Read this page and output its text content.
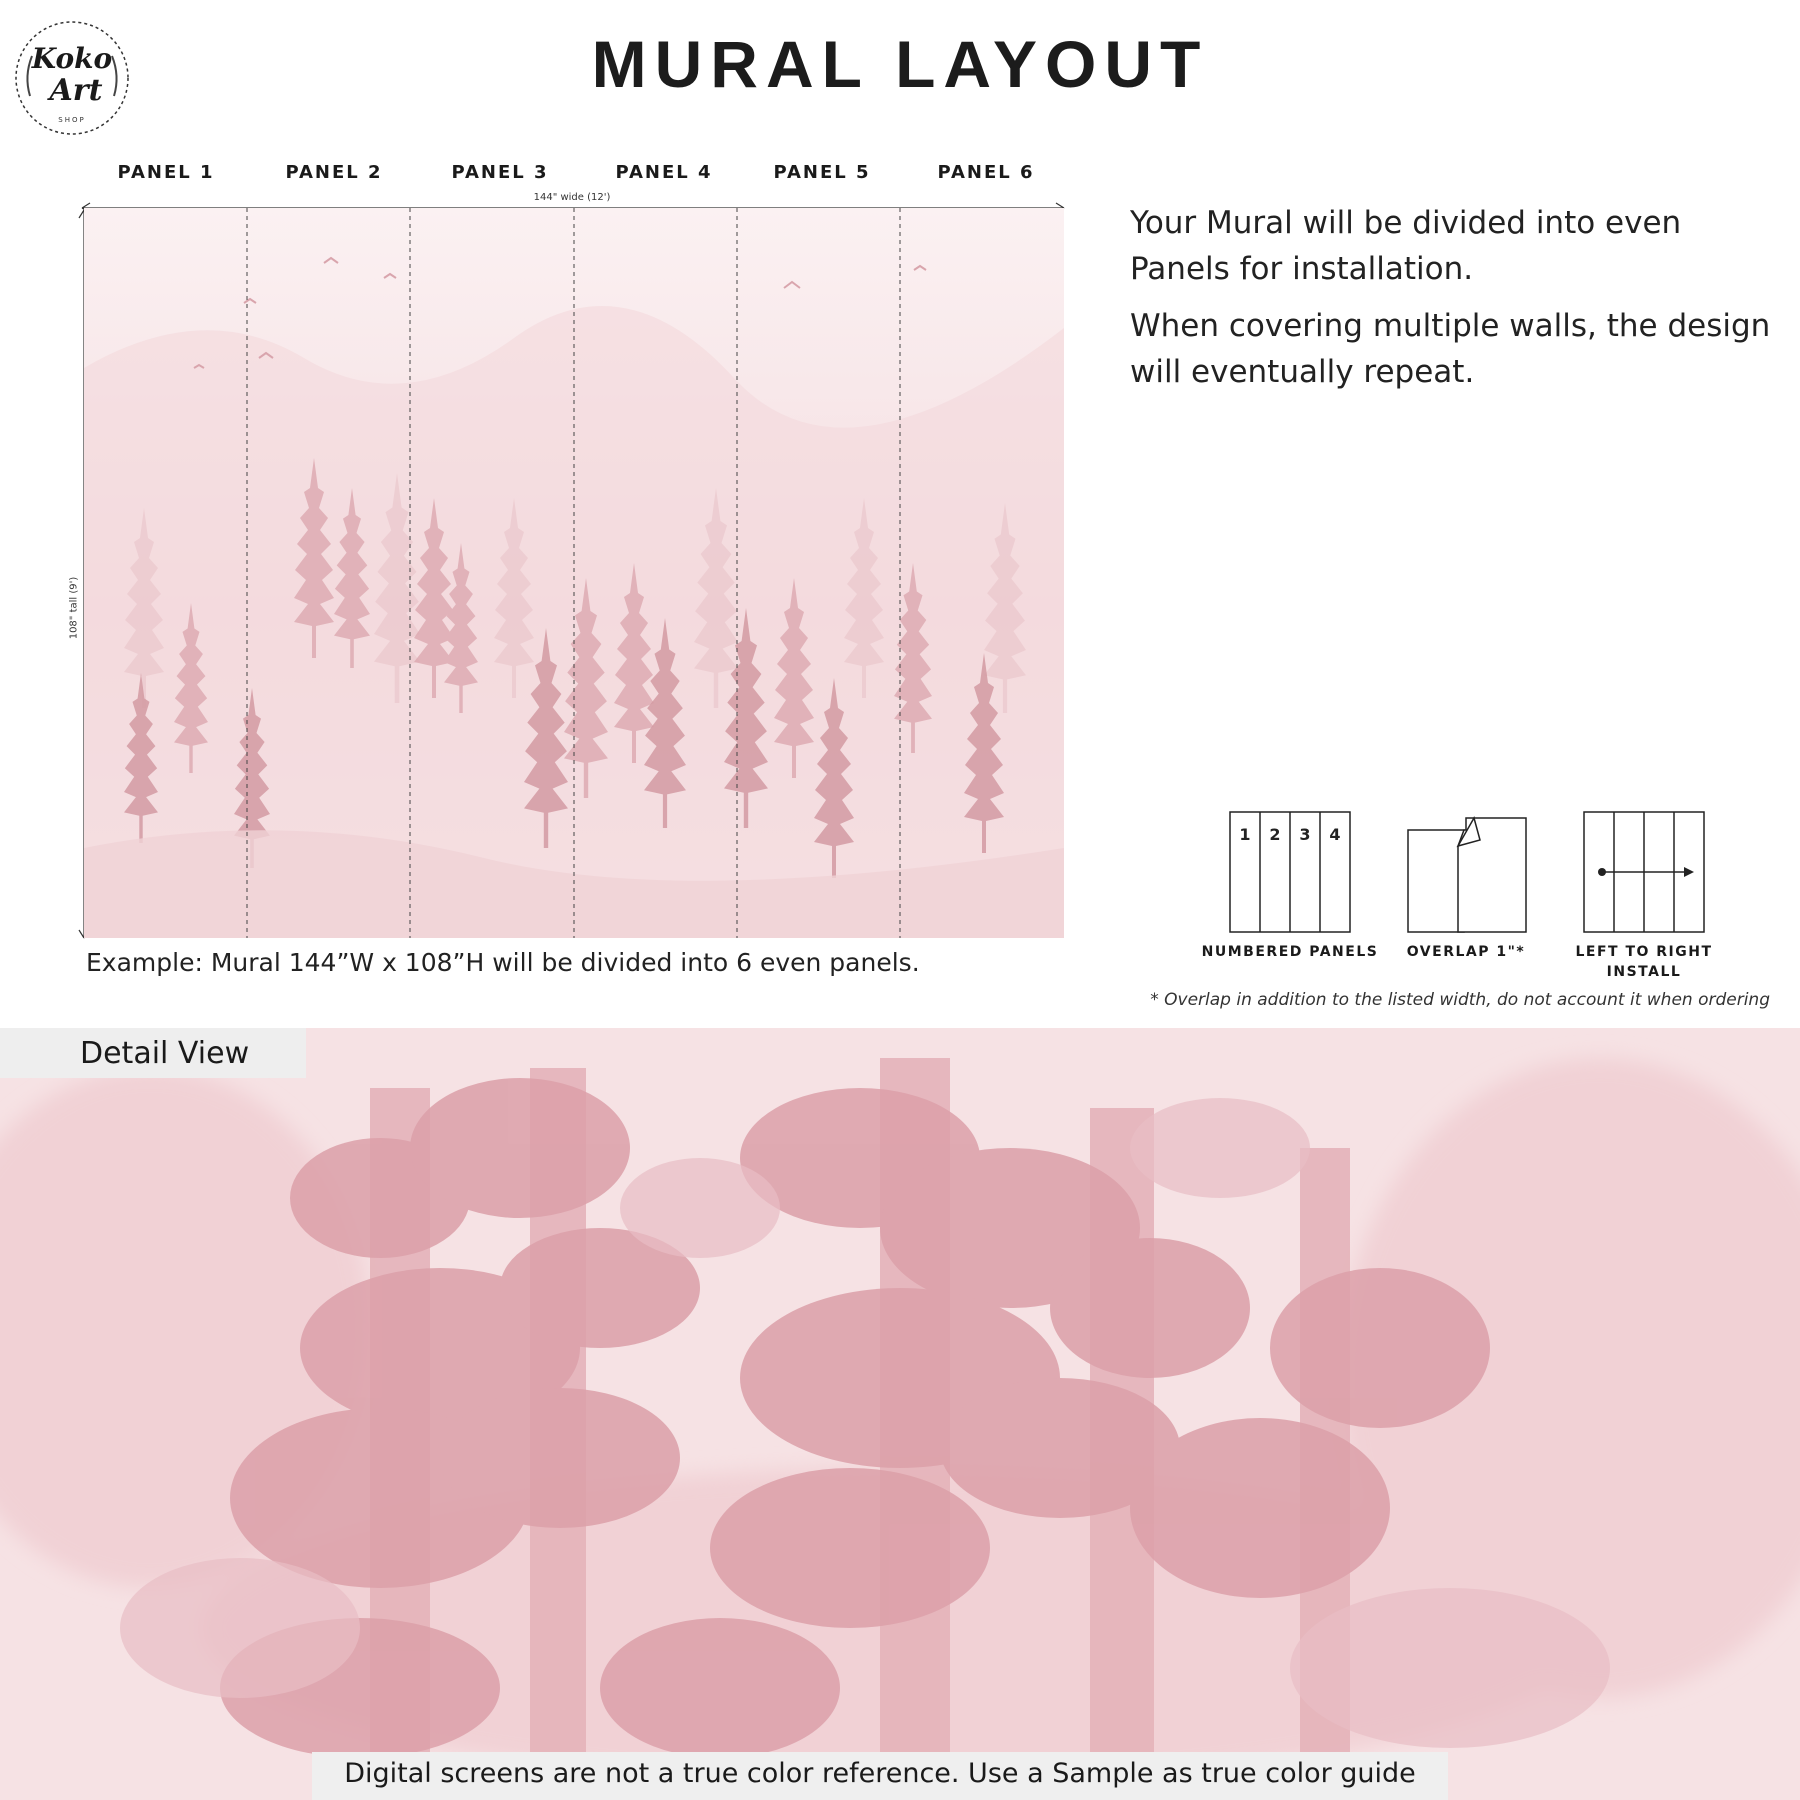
Koko
Art
SHOP
MURAL LAYOUT
PANEL 1	PANEL 2	PANEL 3	PANEL 4	PANEL 5	PANEL 6
144" wide (12')
108" tall (9')
Example: Mural 144”W x 108”H will be divided into 6 even panels.

Your Mural will be divided into even Panels for installation.

When covering multiple walls, the design will eventually repeat.

1 2 3 4
NUMBERED PANELS	OVERLAP 1"*	LEFT TO RIGHT
INSTALL
* Overlap in addition to the listed width, do not account it when ordering
Detail View
Digital screens are not a true color reference. Use a Sample as true color guide
